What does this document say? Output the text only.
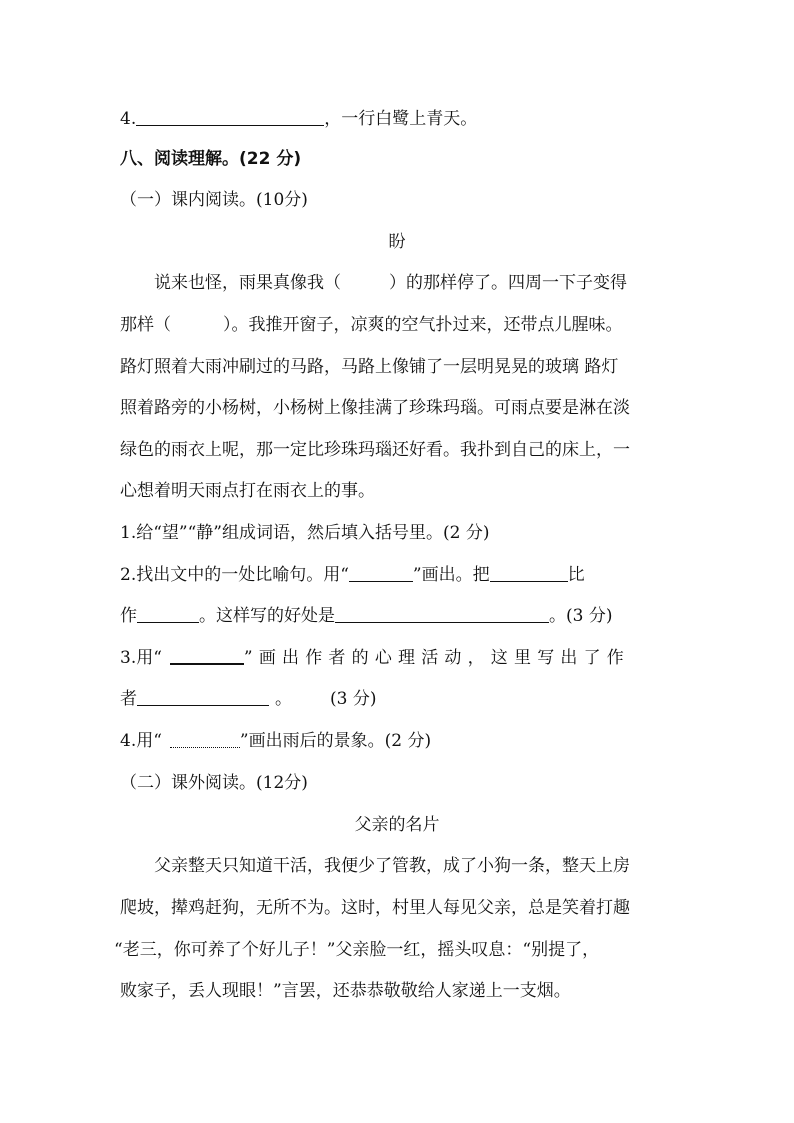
4.	，一行白鹭上青天。
八、阅读理解。(22 分)
（一）课内阅读。(10分)
盼
说来也怪，雨果真像我（	）的那样停了。四周一下子变得
那样（	）。我推开窗子，凉爽的空气扑过来，还带点儿腥味。
路灯照着大雨冲刷过的马路，马路上像铺了一层明晃晃的玻璃 路灯
照着路旁的小杨树，小杨树上像挂满了珍珠玛瑙。可雨点要是淋在淡
绿色的雨衣上呢，那一定比珍珠玛瑙还好看。我扑到自己的床上，一
心想着明天雨点打在雨衣上的事。
1.给“望”“静”组成词语，然后填入括号里。(2 分)
2.找出文中的一处比喻句。用“	”画出。把	比
作	。这样写的好处是	。(3 分)
3.用“	”画出作者的心理活动，这里写出了作
者	。 (3 分)
4.用“	”画出雨后的景象。(2 分)
（二）课外阅读。(12分)
父亲的名片
父亲整天只知道干活，我便少了管教，成了小狗一条，整天上房
爬坡，撵鸡赶狗，无所不为。这时，村里人每见父亲，总是笑着打趣
“老三，你可养了个好儿子！”父亲脸一红，摇头叹息：“别提了，
败家子，丢人现眼！”言罢，还恭恭敬敬给人家递上一支烟。
